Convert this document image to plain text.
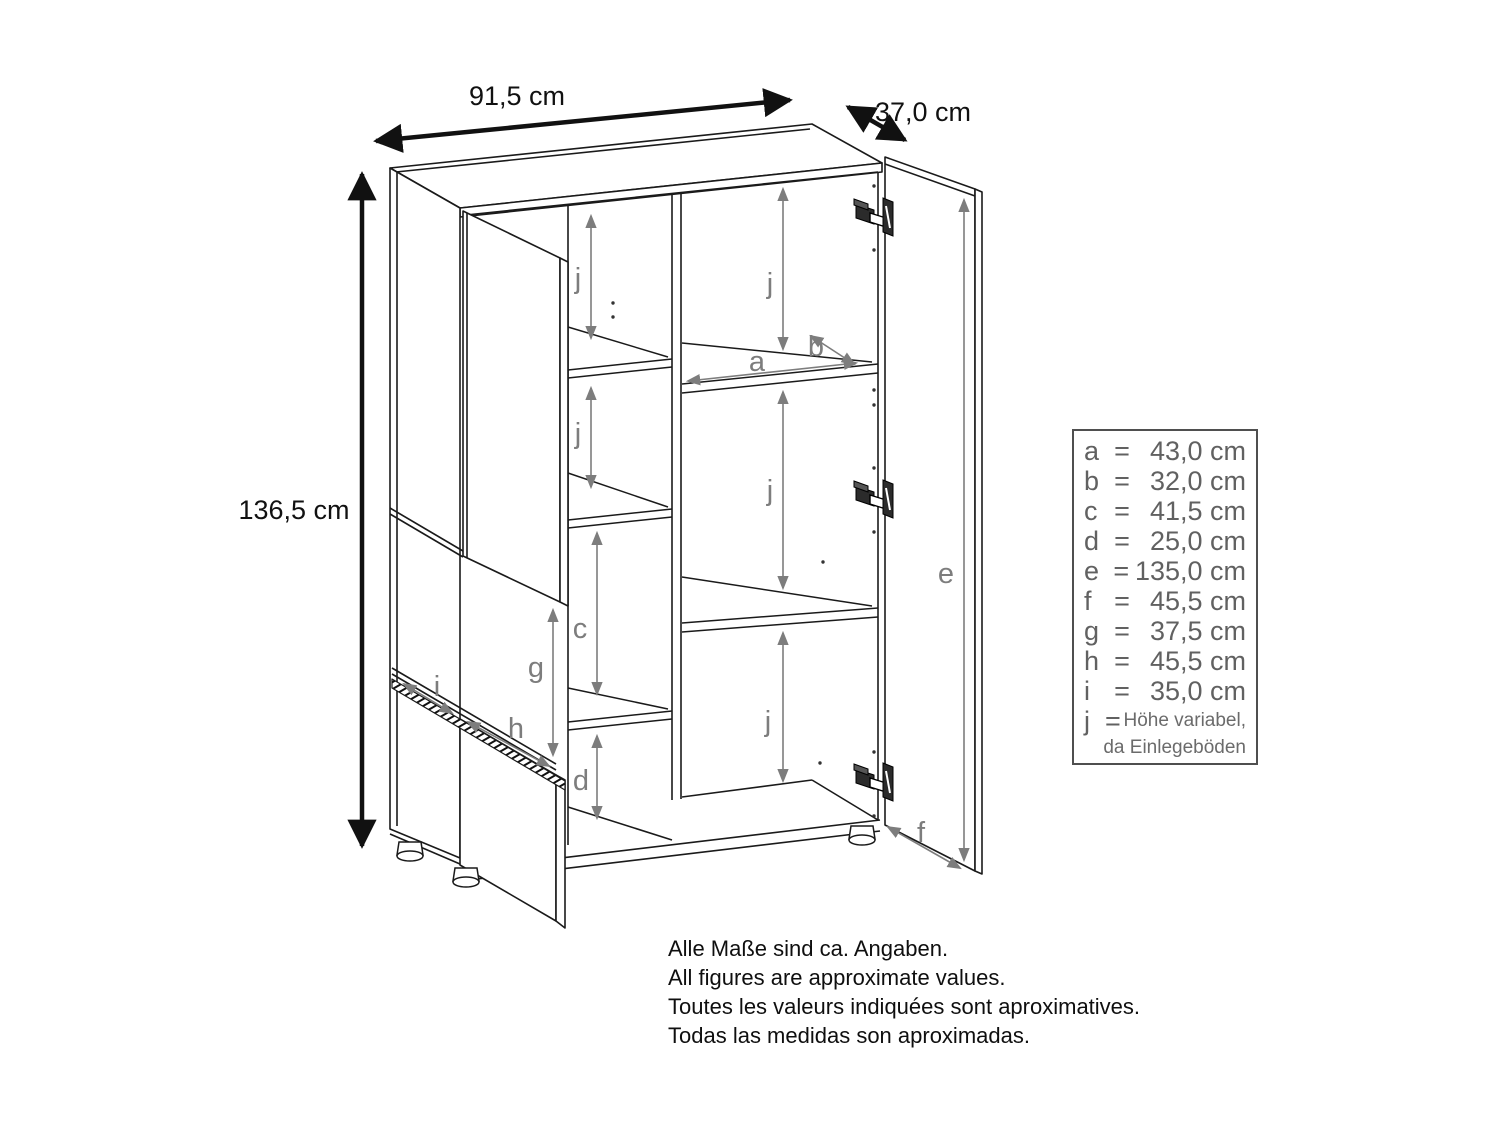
j
j
c
g
i
h
d
j
a b
j
j
e
f
91,5 cm
37,0 cm
136,5 cm
a = 43,0 cm
b = 32,0 cm
c = 41,5 cm
d = 25,0 cm
e = 135,0 cm
f = 45,5 cm
g = 37,5 cm
h = 45,5 cm
i = 35,0 cm
j = Höhe variabel,
da Einlegeböden
Alle Maße sind ca. Angaben.
All figures are approximate values.
Toutes les valeurs indiquées sont aproximatives.
Todas las medidas son aproximadas.
